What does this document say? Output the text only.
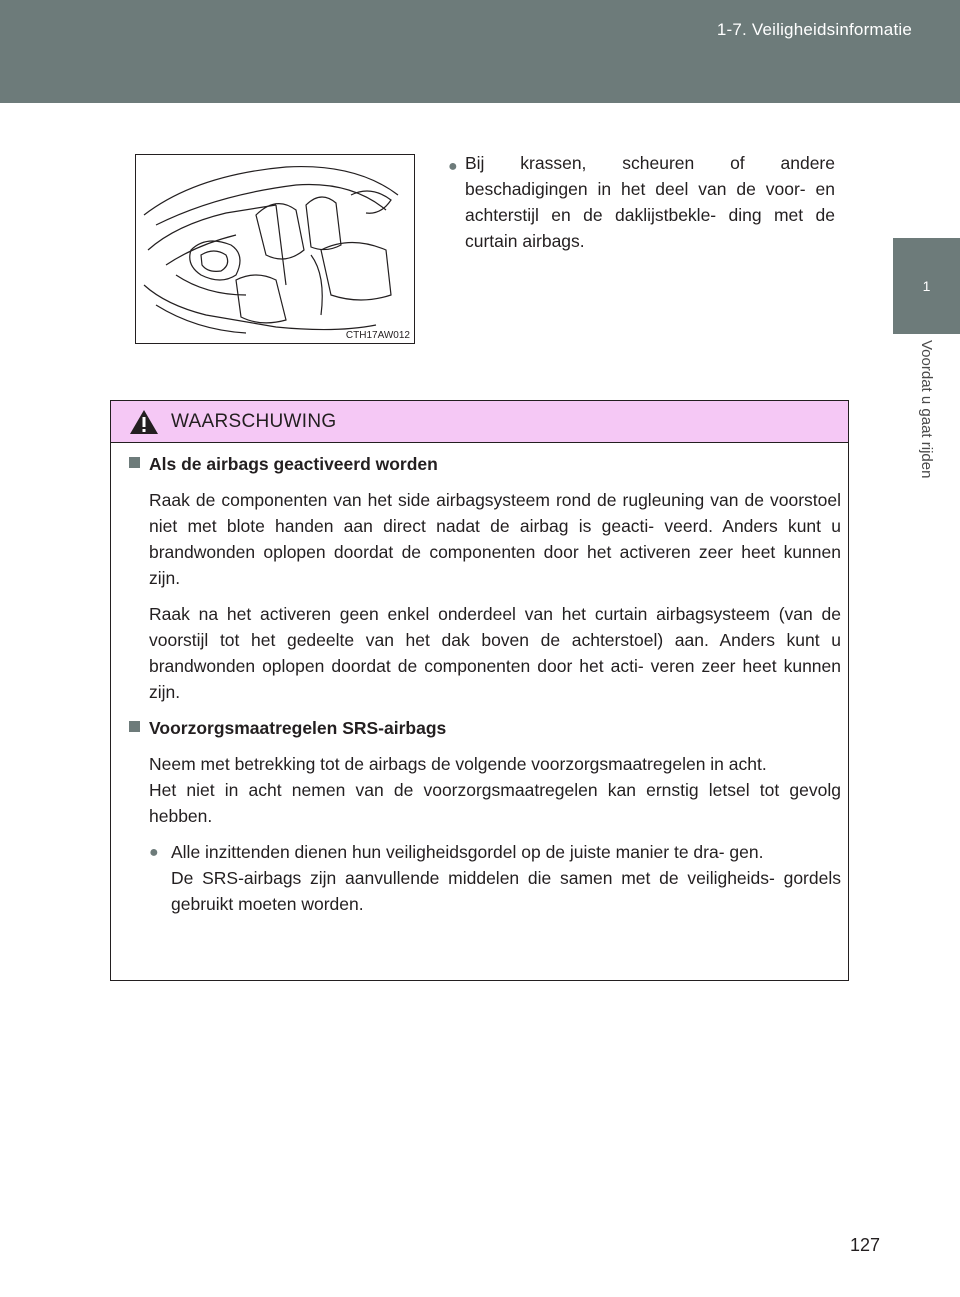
1-7. Veiligheidsinformatie
1
Voordat u gaat rijden
CTH17AW012
● Bij krassen, scheuren of andere beschadigingen in het deel van de voor- en achterstijl en de daklijstbekle- ding met de curtain airbags.
WAARSCHUWING
Als de airbags geactiveerd worden
Raak de componenten van het side airbagsysteem rond de rugleuning van de voorstoel niet met blote handen aan direct nadat de airbag is geacti- veerd. Anders kunt u brandwonden oplopen doordat de componenten door het activeren zeer heet kunnen zijn.
Raak na het activeren geen enkel onderdeel van het curtain airbagsysteem (van de voorstijl tot het gedeelte van het dak boven de achterstoel) aan. Anders kunt u brandwonden oplopen doordat de componenten door het acti- veren zeer heet kunnen zijn.
Voorzorgsmaatregelen SRS-airbags
Neem met betrekking tot de airbags de volgende voorzorgsmaatregelen in acht.
Het niet in acht nemen van de voorzorgsmaatregelen kan ernstig letsel tot gevolg hebben.
● Alle inzittenden dienen hun veiligheidsgordel op de juiste manier te dra- gen.
De SRS-airbags zijn aanvullende middelen die samen met de veiligheids- gordels gebruikt moeten worden.
127
